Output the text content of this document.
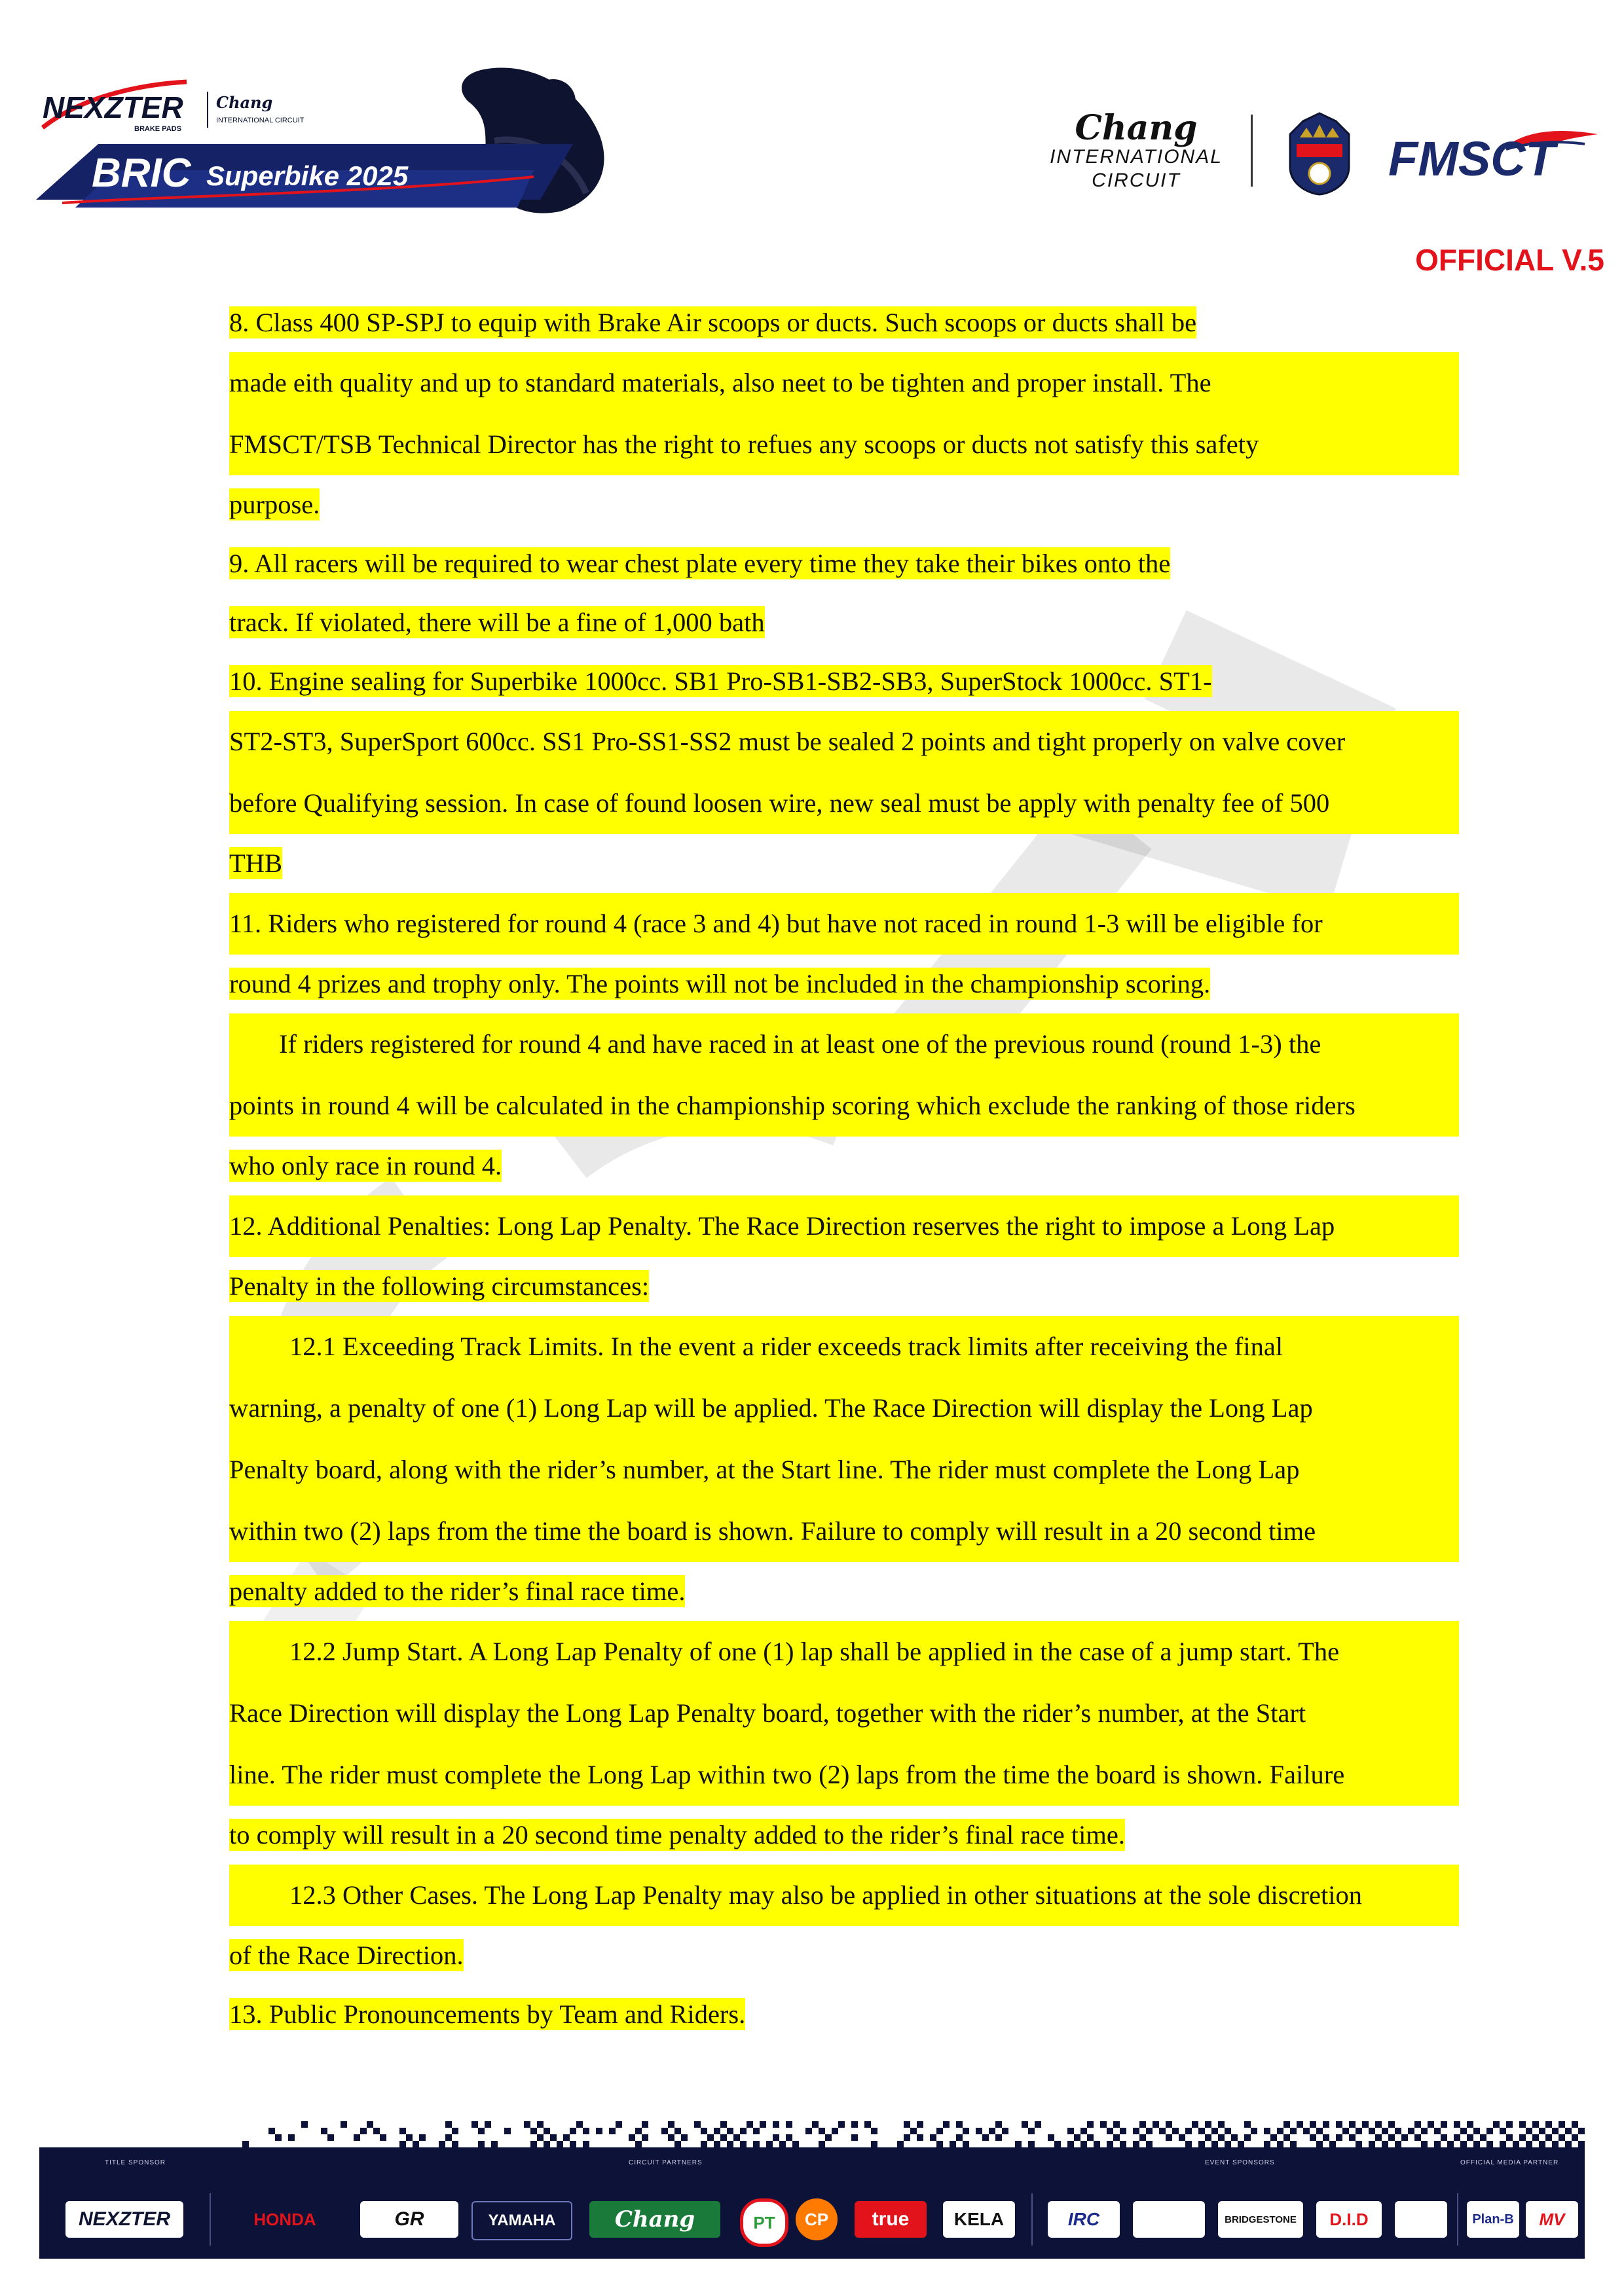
NEXZTER
BRAKE PADS
Chang
INTERNATIONAL CIRCUIT
BRIC Superbike 2025
Chang
INTERNATIONAL
CIRCUIT	FMSCT
OFFICIAL V.5
8. Class 400 SP-SPJ to equip with Brake Air scoops or ducts. Such scoops or ducts shall be
made eith quality and up to standard materials, also neet to be tighten and proper install. The
FMSCT/TSB Technical Director has the right to refues any scoops or ducts not satisfy this safety
purpose.
9. All racers will be required to wear chest plate every time they take their bikes onto the
track. If violated, there will be a fine of 1,000 bath
10. Engine sealing for Superbike 1000cc. SB1 Pro-SB1-SB2-SB3, SuperStock 1000cc. ST1-
ST2-ST3, SuperSport 600cc. SS1 Pro-SS1-SS2 must be sealed 2 points and tight properly on valve cover
before Qualifying session. In case of found loosen wire, new seal must be apply with penalty fee of 500
THB
11. Riders who registered for round 4 (race 3 and 4) but have not raced in round 1-3 will be eligible for
round 4 prizes and trophy only. The points will not be included in the championship scoring.
If riders registered for round 4 and have raced in at least one of the previous round (round 1-3) the
points in round 4 will be calculated in the championship scoring which exclude the ranking of those riders
who only race in round 4.
12. Additional Penalties: Long Lap Penalty. The Race Direction reserves the right to impose a Long Lap
Penalty in the following circumstances:
12.1 Exceeding Track Limits. In the event a rider exceeds track limits after receiving the final
warning, a penalty of one (1) Long Lap will be applied. The Race Direction will display the Long Lap
Penalty board, along with the rider’s number, at the Start line. The rider must complete the Long Lap
within two (2) laps from the time the board is shown. Failure to comply will result in a 20 second time
penalty added to the rider’s final race time.
12.2 Jump Start. A Long Lap Penalty of one (1) lap shall be applied in the case of a jump start. The
Race Direction will display the Long Lap Penalty board, together with the rider’s number, at the Start
line. The rider must complete the Long Lap within two (2) laps from the time the board is shown. Failure
to comply will result in a 20 second time penalty added to the rider’s final race time.
12.3 Other Cases. The Long Lap Penalty may also be applied in other situations at the sole discretion
of the Race Direction.
13. Public Pronouncements by Team and Riders.
TITLE SPONSOR	CIRCUIT PARTNERS	EVENT SPONSORS	OFFICIAL MEDIA PARTNER
NEXZTER	HONDA	GR	YAMAHA	Chang	PT	CP	true	KELA	IRC	BRIDGESTONE	D.I.D	Plan-B	MV
